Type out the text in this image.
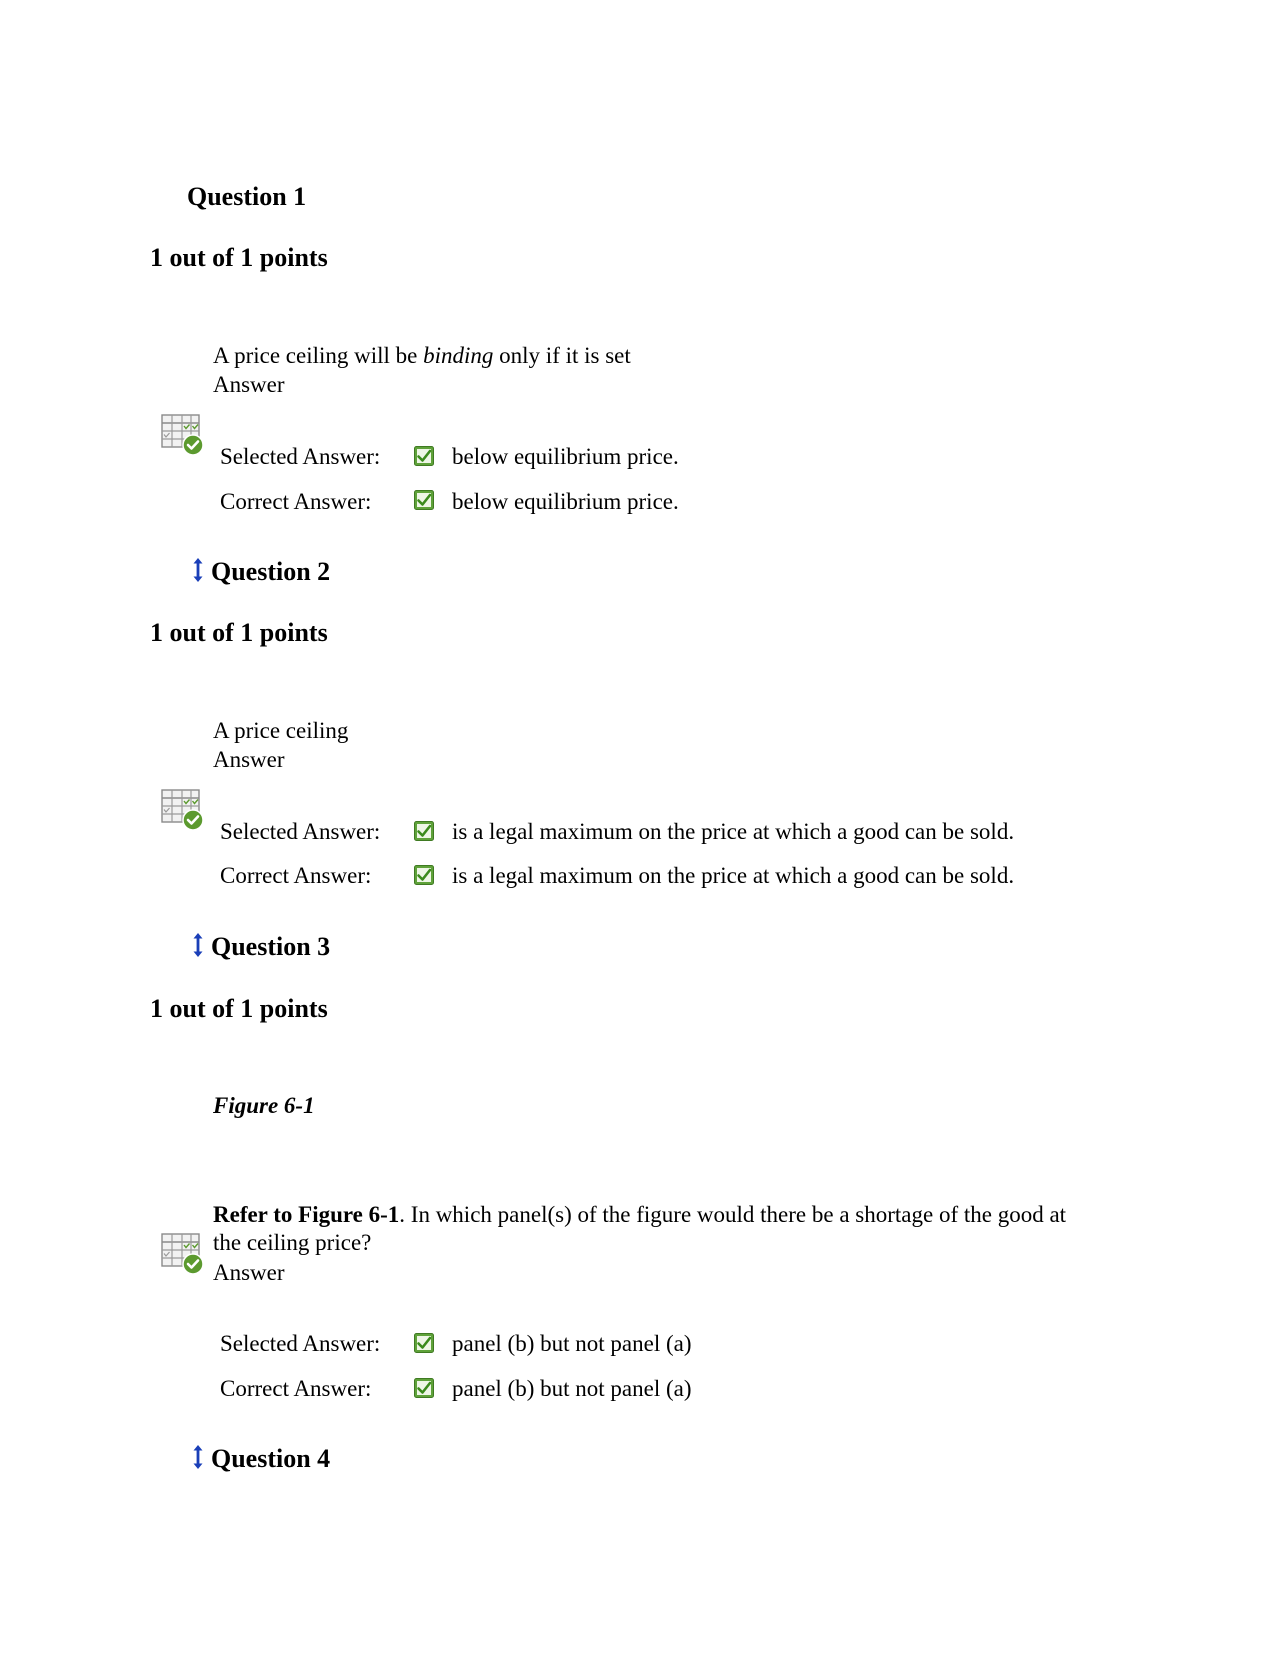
Question 1
1 out of 1 points
A price ceiling will be binding only if it is set
Answer
Selected Answer:	below equilibrium price.
Correct Answer:	below equilibrium price.
Question 2
1 out of 1 points
A price ceiling
Answer
Selected Answer:	is a legal maximum on the price at which a good can be sold.
Correct Answer:	is a legal maximum on the price at which a good can be sold.
Question 3
1 out of 1 points
Figure 6-1
Refer to Figure 6-1. In which panel(s) of the figure would there be a shortage of the good at the ceiling price?
Answer
Selected Answer:	panel (b) but not panel (a)
Correct Answer:	panel (b) but not panel (a)
Question 4
